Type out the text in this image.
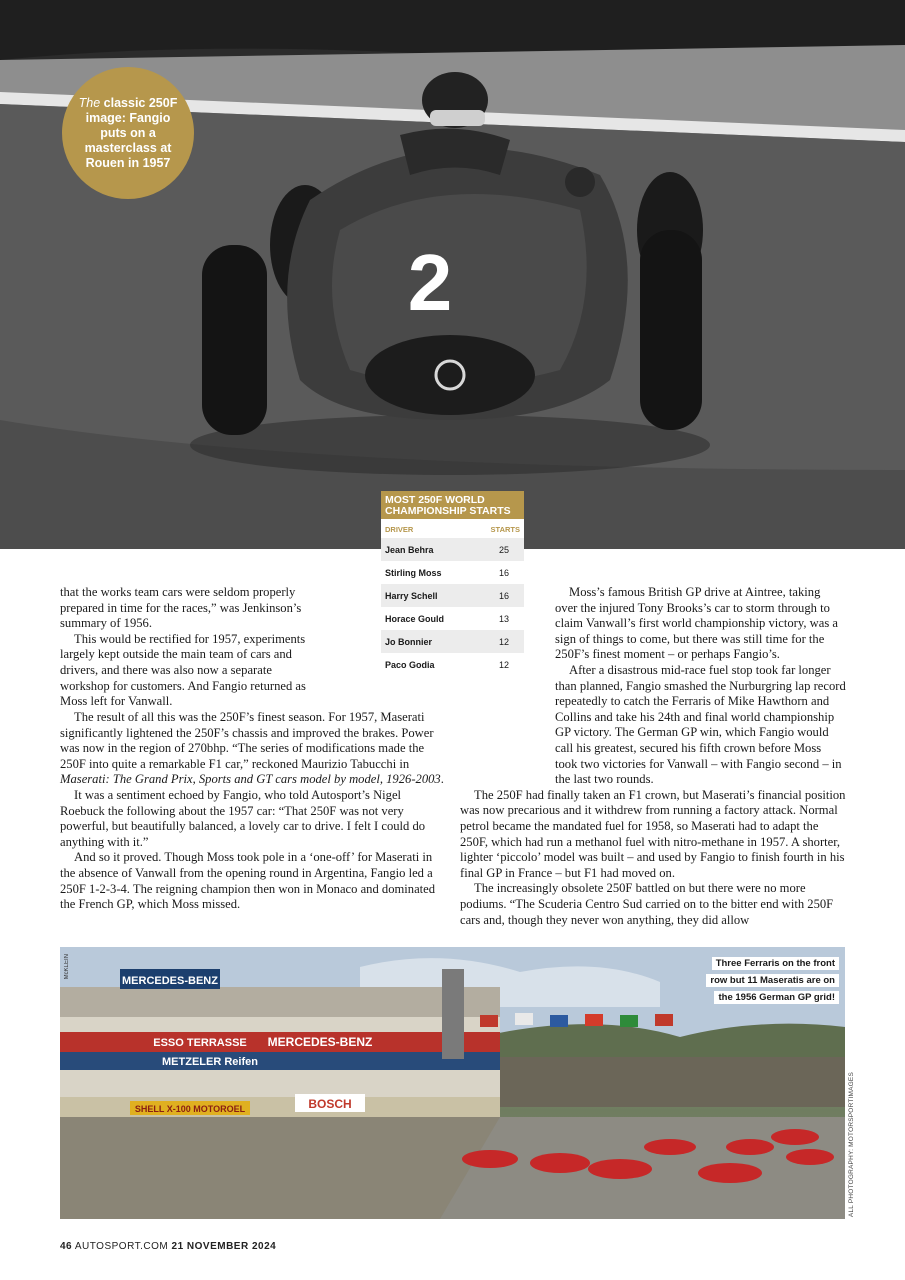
2
The classic 250F image: Fangio puts on a masterclass at Rouen in 1957
MOST 250F WORLD CHAMPIONSHIP STARTS
DRIVER	STARTS
Jean Behra	25
Stirling Moss	16
Harry Schell	16
Horace Gould	13
Jo Bonnier	12
Paco Godia	12

that the works team cars were seldom properly prepared in time for the races,” was Jenkinson’s summary of 1956.

This would be rectified for 1957, experiments largely kept outside the main team of cars and drivers, and there was also now a separate workshop for customers. And Fangio returned as Moss left for Vanwall.

The result of all this was the 250F’s finest season. For 1957, Maserati significantly lightened the 250F’s chassis and improved the brakes. Power was now in the region of 270bhp. “The series of modifications made the 250F into quite a remarkable F1 car,” reckoned Maurizio Tabucchi in Maserati: The Grand Prix, Sports and GT cars model by model, 1926-2003.

It was a sentiment echoed by Fangio, who told Autosport’s Nigel Roebuck the following about the 1957 car: “That 250F was not very powerful, but beautifully balanced, a lovely car to drive. I felt I could do anything with it.”

And so it proved. Though Moss took pole in a ‘one-off’ for Maserati in the absence of Vanwall from the opening round in Argentina, Fangio led a 250F 1-2-3-4. The reigning champion then won in Monaco and dominated the French GP, which Moss missed.

Moss’s famous British GP drive at Aintree, taking over the injured Tony Brooks’s car to storm through to claim Vanwall’s first world championship victory, was a sign of things to come, but there was still time for the 250F’s finest moment – or perhaps Fangio’s.

After a disastrous mid-race fuel stop took far longer than planned, Fangio smashed the Nurburgring lap record repeatedly to catch the Ferraris of Mike Hawthorn and Collins and take his 24th and final world championship GP victory. The German GP win, which Fangio would call his greatest, secured his fifth crown before Moss took two victories for Vanwall – with Fangio second – in the last two rounds.

The 250F had finally taken an F1 crown, but Maserati’s financial position was now precarious and it withdrew from running a factory attack. Normal petrol became the mandated fuel for 1958, so Maserati had to adapt the 250F, which had run a methanol fuel with nitro-methane in 1957. A shorter, lighter ‘piccolo’ model was built – and used by Fangio to finish fourth in his final GP in France – but F1 had moved on.

The increasingly obsolete 250F battled on but there were no more podiums. “The Scuderia Centro Sud carried on to the bitter end with 250F cars and, though they never won anything, they did allow

MERCEDES-BENZ
ESSO TERRASSE MERCEDES-BENZ
METZELER Reifen
BOSCH
SHELL X-100 MOTOROEL
Three Ferraris on the front
row but 11 Maseratis are on
the 1956 German GP grid!
McKLEIN
ALL PHOTOGRAPHY: MOTORSPORTIMAGES
46 AUTOSPORT.COM 21 NOVEMBER 2024
